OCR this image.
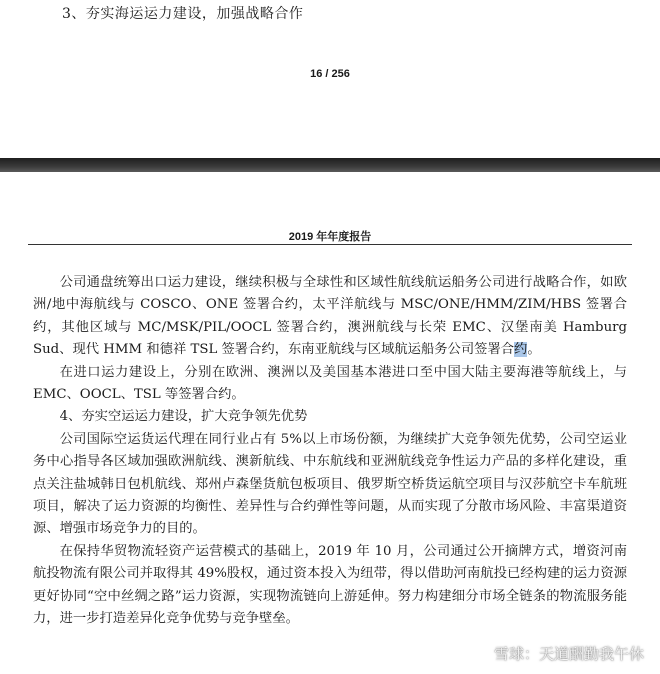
3、夯实海运运力建设，加强战略合作
16 / 256
2019 年年度报告

公司通盘统筹出口运力建设，继续积极与全球性和区域性航线航运船务公司进行战略合作，如欧洲/地中海航线与 COSCO、ONE 签署合约，太平洋航线与 MSC/ONE/HMM/ZIM/HBS 签署合约，其他区域与 MC/MSK/PIL/OOCL 签署合约，澳洲航线与长荣 EMC、汉堡南美 Hamburg Sud、现代 HMM 和德祥 TSL 签署合约，东南亚航线与区域航运船务公司签署合约。

在进口运力建设上，分别在欧洲、澳洲以及美国基本港进口至中国大陆主要海港等航线上，与 EMC、OOCL、TSL 等签署合约。

4、夯实空运运力建设，扩大竞争领先优势

公司国际空运货运代理在同行业占有 5%以上市场份额，为继续扩大竞争领先优势，公司空运业务中心指导各区域加强欧洲航线、澳新航线、中东航线和亚洲航线竞争性运力产品的多样化建设，重点关注盐城韩日包机航线、郑州卢森堡货航包板项目、俄罗斯空桥货运航空项目与汉莎航空卡车航班项目，解决了运力资源的均衡性、差异性与合约弹性等问题，从而实现了分散市场风险、丰富渠道资源、增强市场竞争力的目的。

在保持华贸物流轻资产运营模式的基础上，2019 年 10 月，公司通过公开摘牌方式，增资河南航投物流有限公司并取得其 49%股权，通过资本投入为纽带，得以借助河南航投已经构建的运力资源更好协同“空中丝绸之路”运力资源，实现物流链向上游延伸。努力构建细分市场全链条的物流服务能力，进一步打造差异化竞争优势与竞争壁垒。

雪球：天道酬勤我午休
